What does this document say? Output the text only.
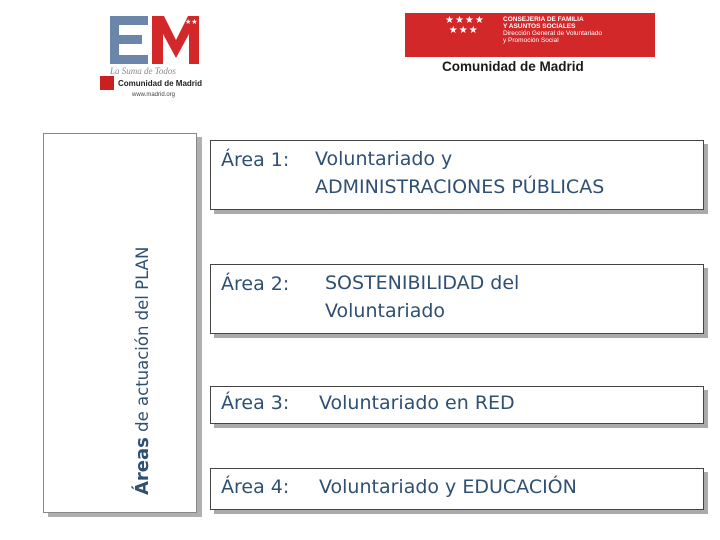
★★
La Suma de Todos
Comunidad de Madrid
www.madrid.org
★★★★
★★★
CONSEJERIA DE FAMILIA
Y ASUNTOS SOCIALES
Dirección General de Voluntariado
y Promoción Social
Comunidad de Madrid
Áreas de actuación del PLAN
Área 1: Voluntariado y
ADMINISTRACIONES PÚBLICAS
Área 2: SOSTENIBILIDAD del
Voluntariado
Área 3: Voluntariado en RED
Área 4: Voluntariado y EDUCACIÓN
